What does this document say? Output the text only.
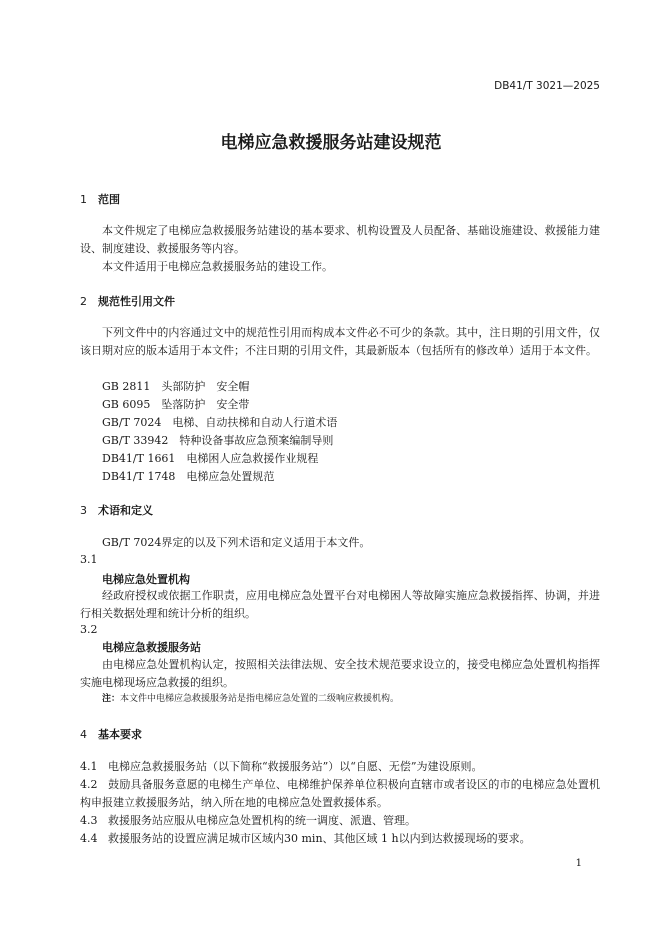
DB41/T 3021—2025
电梯应急救援服务站建设规范
1 范围
本文件规定了电梯应急救援服务站建设的基本要求、机构设置及人员配备、基础设施建设、救援能力建设、制度建设、救援服务等内容。
本文件适用于电梯应急救援服务站的建设工作。
2 规范性引用文件
下列文件中的内容通过文中的规范性引用而构成本文件必不可少的条款。其中，注日期的引用文件，仅该日期对应的版本适用于本文件；不注日期的引用文件，其最新版本（包括所有的修改单）适用于本文件。
GB 2811　头部防护　安全帽
GB 6095　坠落防护　安全带
GB/T 7024　电梯、自动扶梯和自动人行道术语
GB/T 33942　特种设备事故应急预案编制导则
DB41/T 1661　电梯困人应急救援作业规程
DB41/T 1748　电梯应急处置规范
3 术语和定义
GB/T 7024界定的以及下列术语和定义适用于本文件。
3.1
电梯应急处置机构
经政府授权或依据工作职责，应用电梯应急处置平台对电梯困人等故障实施应急救援指挥、协调，并进行相关数据处理和统计分析的组织。
3.2
电梯应急救援服务站
由电梯应急处置机构认定，按照相关法律法规、安全技术规范要求设立的，接受电梯应急处置机构指挥实施电梯现场应急救援的组织。
注：本文件中电梯应急救援服务站是指电梯应急处置的二级响应救援机构。
4 基本要求
4.1 电梯应急救援服务站（以下简称“救援服务站”）以“自愿、无偿”为建设原则。
4.2 鼓励具备服务意愿的电梯生产单位、电梯维护保养单位积极向直辖市或者设区的市的电梯应急处置机构申报建立救援服务站，纳入所在地的电梯应急处置救援体系。
4.3 救援服务站应服从电梯应急处置机构的统一调度、派遣、管理。
4.4 救援服务站的设置应满足城市区域内30 min、其他区域 1 h以内到达救援现场的要求。
1
